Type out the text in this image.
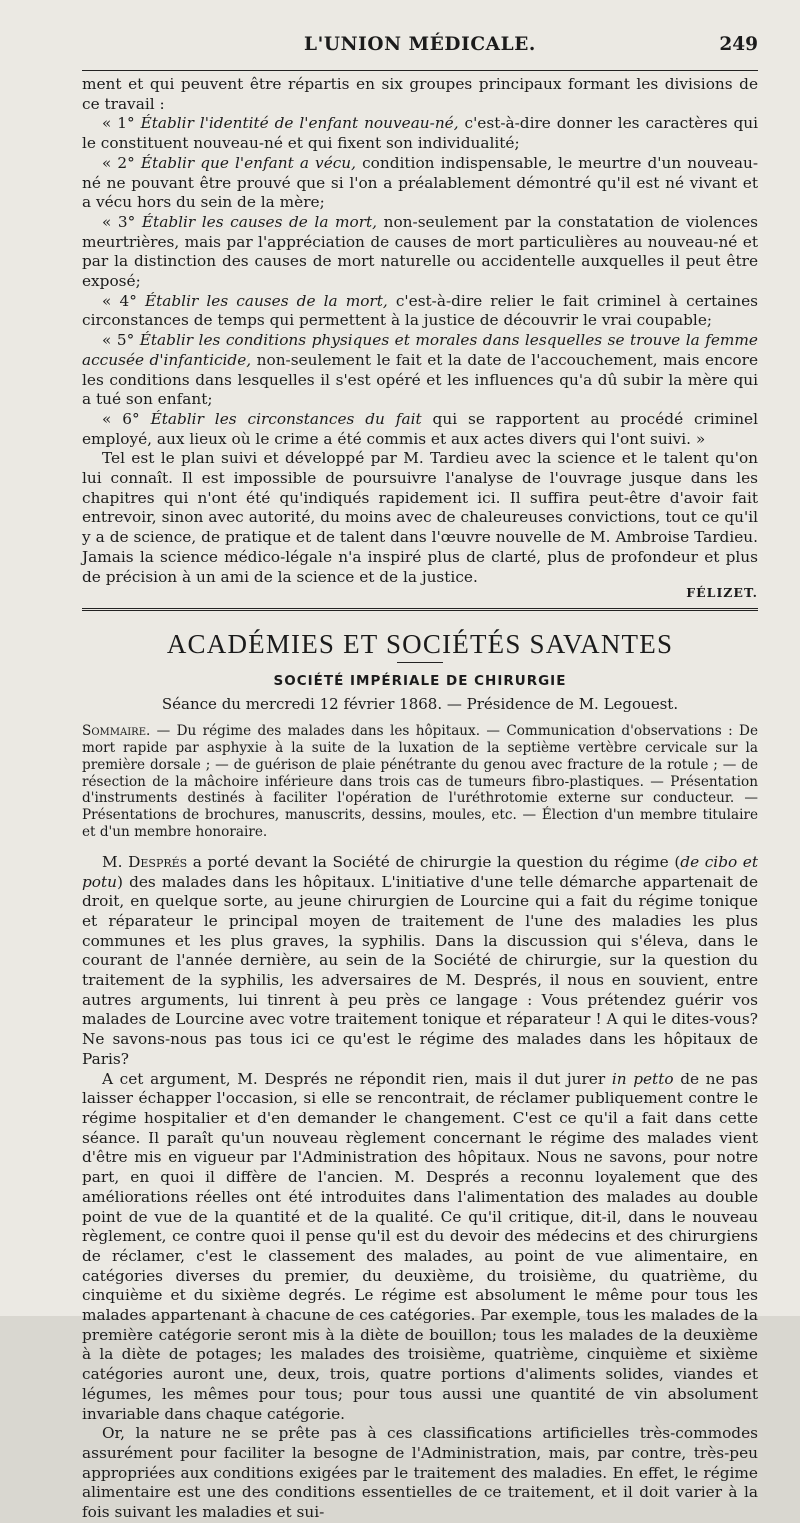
L'UNION MÉDICALE.	249

ment et qui peuvent être répartis en six groupes principaux formant les divisions de ce travail :

« 1° Établir l'identité de l'enfant nouveau-né, c'est-à-dire donner les caractères qui le constituent nouveau-né et qui fixent son individualité;

« 2° Établir que l'enfant a vécu, condition indispensable, le meurtre d'un nouveau-né ne pouvant être prouvé que si l'on a préalablement démontré qu'il est né vivant et a vécu hors du sein de la mère;

« 3° Établir les causes de la mort, non-seulement par la constatation de violences meurtrières, mais par l'appréciation de causes de mort particulières au nouveau-né et par la distinction des causes de mort naturelle ou accidentelle auxquelles il peut être exposé;

« 4° Établir les causes de la mort, c'est-à-dire relier le fait criminel à certaines circonstances de temps qui permettent à la justice de découvrir le vrai coupable;

« 5° Établir les conditions physiques et morales dans lesquelles se trouve la femme accusée d'infanticide, non-seulement le fait et la date de l'accouchement, mais encore les conditions dans lesquelles il s'est opéré et les influences qu'a dû subir la mère qui a tué son enfant;

« 6° Établir les circonstances du fait qui se rapportent au procédé criminel employé, aux lieux où le crime a été commis et aux actes divers qui l'ont suivi. »

Tel est le plan suivi et développé par M. Tardieu avec la science et le talent qu'on lui connaît. Il est impossible de poursuivre l'analyse de l'ouvrage jusque dans les chapitres qui n'ont été qu'indiqués rapidement ici. Il suffira peut-être d'avoir fait entrevoir, sinon avec autorité, du moins avec de chaleureuses convictions, tout ce qu'il y a de science, de pratique et de talent dans l'œuvre nouvelle de M. Ambroise Tardieu. Jamais la science médico-légale n'a inspiré plus de clarté, plus de profondeur et plus de précision à un ami de la science et de la justice.

FÉLIZET.
ACADÉMIES ET SOCIÉTÉS SAVANTES
SOCIÉTÉ IMPÉRIALE DE CHIRURGIE
Séance du mercredi 12 février 1868. — Présidence de M. Legouest.

Sommaire. — Du régime des malades dans les hôpitaux. — Communication d'observations : De mort rapide par asphyxie à la suite de la luxation de la septième vertèbre cervicale sur la première dorsale ; — de guérison de plaie pénétrante du genou avec fracture de la rotule ; — de résection de la mâchoire inférieure dans trois cas de tumeurs fibro-plastiques. — Présentation d'instruments destinés à faciliter l'opération de l'uréthrotomie externe sur conducteur. — Présentations de brochures, manuscrits, dessins, moules, etc. — Élection d'un membre titulaire et d'un membre honoraire.

M. Després a porté devant la Société de chirurgie la question du régime (de cibo et potu) des malades dans les hôpitaux. L'initiative d'une telle démarche appartenait de droit, en quelque sorte, au jeune chirurgien de Lourcine qui a fait du régime tonique et réparateur le principal moyen de traitement de l'une des maladies les plus communes et les plus graves, la syphilis. Dans la discussion qui s'éleva, dans le courant de l'année dernière, au sein de la Société de chirurgie, sur la question du traitement de la syphilis, les adversaires de M. Després, il nous en souvient, entre autres arguments, lui tinrent à peu près ce langage : Vous prétendez guérir vos malades de Lourcine avec votre traitement tonique et réparateur ! A qui le dites-vous? Ne savons-nous pas tous ici ce qu'est le régime des malades dans les hôpitaux de Paris?

A cet argument, M. Després ne répondit rien, mais il dut jurer in petto de ne pas laisser échapper l'occasion, si elle se rencontrait, de réclamer publiquement contre le régime hospitalier et d'en demander le changement. C'est ce qu'il a fait dans cette séance. Il paraît qu'un nouveau règlement concernant le régime des malades vient d'être mis en vigueur par l'Administration des hôpitaux. Nous ne savons, pour notre part, en quoi il diffère de l'ancien. M. Després a reconnu loyalement que des améliorations réelles ont été introduites dans l'alimentation des malades au double point de vue de la quantité et de la qualité. Ce qu'il critique, dit-il, dans le nouveau règlement, ce contre quoi il pense qu'il est du devoir des médecins et des chirurgiens de réclamer, c'est le classement des malades, au point de vue alimentaire, en catégories diverses du premier, du deuxième, du troisième, du quatrième, du cinquième et du sixième degrés. Le régime est absolument le même pour tous les malades appartenant à chacune de ces catégories. Par exemple, tous les malades de la première catégorie seront mis à la diète de bouillon; tous les malades de la deuxième à la diète de potages; les malades des troisième, quatrième, cinquième et sixième catégories auront une, deux, trois, quatre portions d'aliments solides, viandes et légumes, les mêmes pour tous; pour tous aussi une quantité de vin absolument invariable dans chaque catégorie.

Or, la nature ne se prête pas à ces classifications artificielles très-commodes assurément pour faciliter la besogne de l'Administration, mais, par contre, très-peu appropriées aux conditions exigées par le traitement des maladies. En effet, le régime alimentaire est une des conditions essentielles de ce traitement, et il doit varier à la fois suivant les maladies et sui-
